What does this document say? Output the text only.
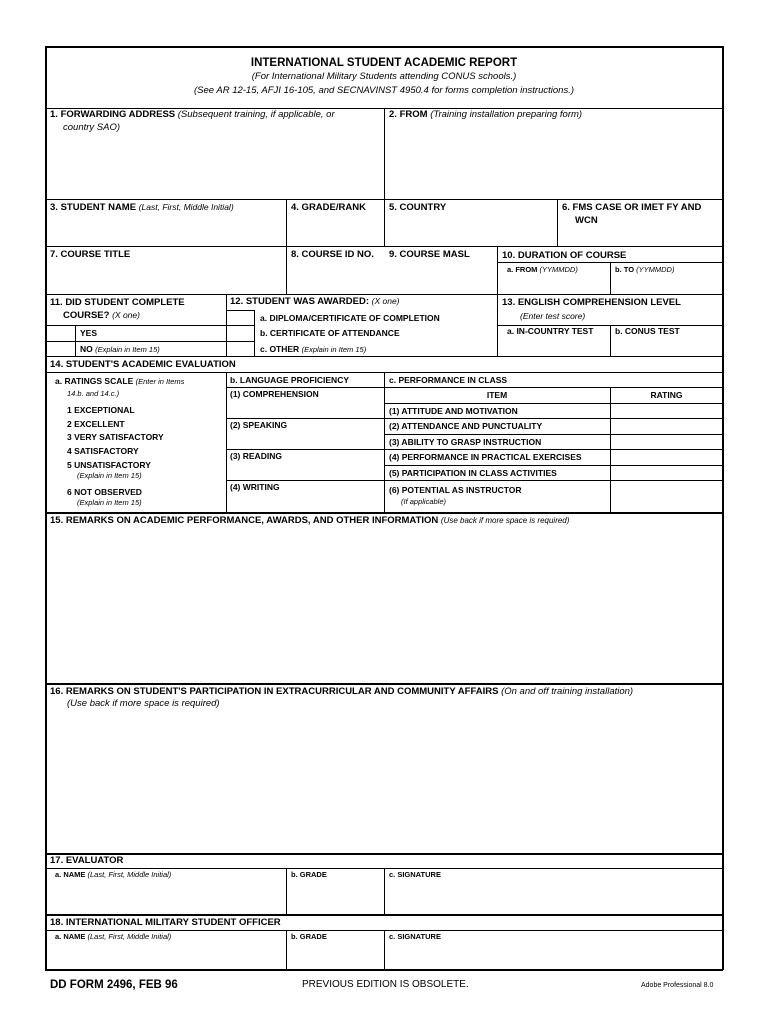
INTERNATIONAL STUDENT ACADEMIC REPORT
(For International Military Students attending CONUS schools.)
(See AR 12-15, AFJI 16-105, and SECNAVINST 4950.4 for forms completion instructions.)
1. FORWARDING ADDRESS (Subsequent training, if applicable, or
country SAO)
2. FROM (Training installation preparing form)
3. STUDENT NAME (Last, First, Middle Initial)	4. GRADE/RANK 5. COUNTRY	6. FMS CASE OR IMET FY AND
WCN
7. COURSE TITLE	8. COURSE ID NO. 9. COURSE MASL	10. DURATION OF COURSE
a. FROM (YYMMDD)	b. TO (YYMMDD)
11. DID STUDENT COMPLETE
COURSE? (X one)
YES
NO (Explain in Item 15)
12. STUDENT WAS AWARDED: (X one)
a. DIPLOMA/CERTIFICATE OF COMPLETION
b. CERTIFICATE OF ATTENDANCE
c. OTHER (Explain in Item 15)
13. ENGLISH COMPREHENSION LEVEL
(Enter test score)
a. IN-COUNTRY TEST	b. CONUS TEST
14. STUDENT'S ACADEMIC EVALUATION
a. RATINGS SCALE (Enter in Items
14.b. and 14.c.)
1 EXCEPTIONAL
2 EXCELLENT
3 VERY SATISFACTORY
4 SATISFACTORY
5 UNSATISFACTORY
(Explain in Item 15)
6 NOT OBSERVED
(Explain in Item 15)
b. LANGUAGE PROFICIENCY
(1) COMPREHENSION
(2) SPEAKING
(3) READING
(4) WRITING
c. PERFORMANCE IN CLASS
ITEM	RATING
(1) ATTITUDE AND MOTIVATION
(2) ATTENDANCE AND PUNCTUALITY
(3) ABILITY TO GRASP INSTRUCTION
(4) PERFORMANCE IN PRACTICAL EXERCISES
(5) PARTICIPATION IN CLASS ACTIVITIES
(6) POTENTIAL AS INSTRUCTOR
(If applicable)
15. REMARKS ON ACADEMIC PERFORMANCE, AWARDS, AND OTHER INFORMATION (Use back if more space is required)
16. REMARKS ON STUDENT'S PARTICIPATION IN EXTRACURRICULAR AND COMMUNITY AFFAIRS (On and off training installation)
(Use back if more space is required)
17. EVALUATOR
a. NAME (Last, First, Middle Initial)	b. GRADE	c. SIGNATURE
18. INTERNATIONAL MILITARY STUDENT OFFICER
a. NAME (Last, First, Middle Initial)	b. GRADE	c. SIGNATURE
DD FORM 2496, FEB 96	PREVIOUS EDITION IS OBSOLETE.	Adobe Professional 8.0
